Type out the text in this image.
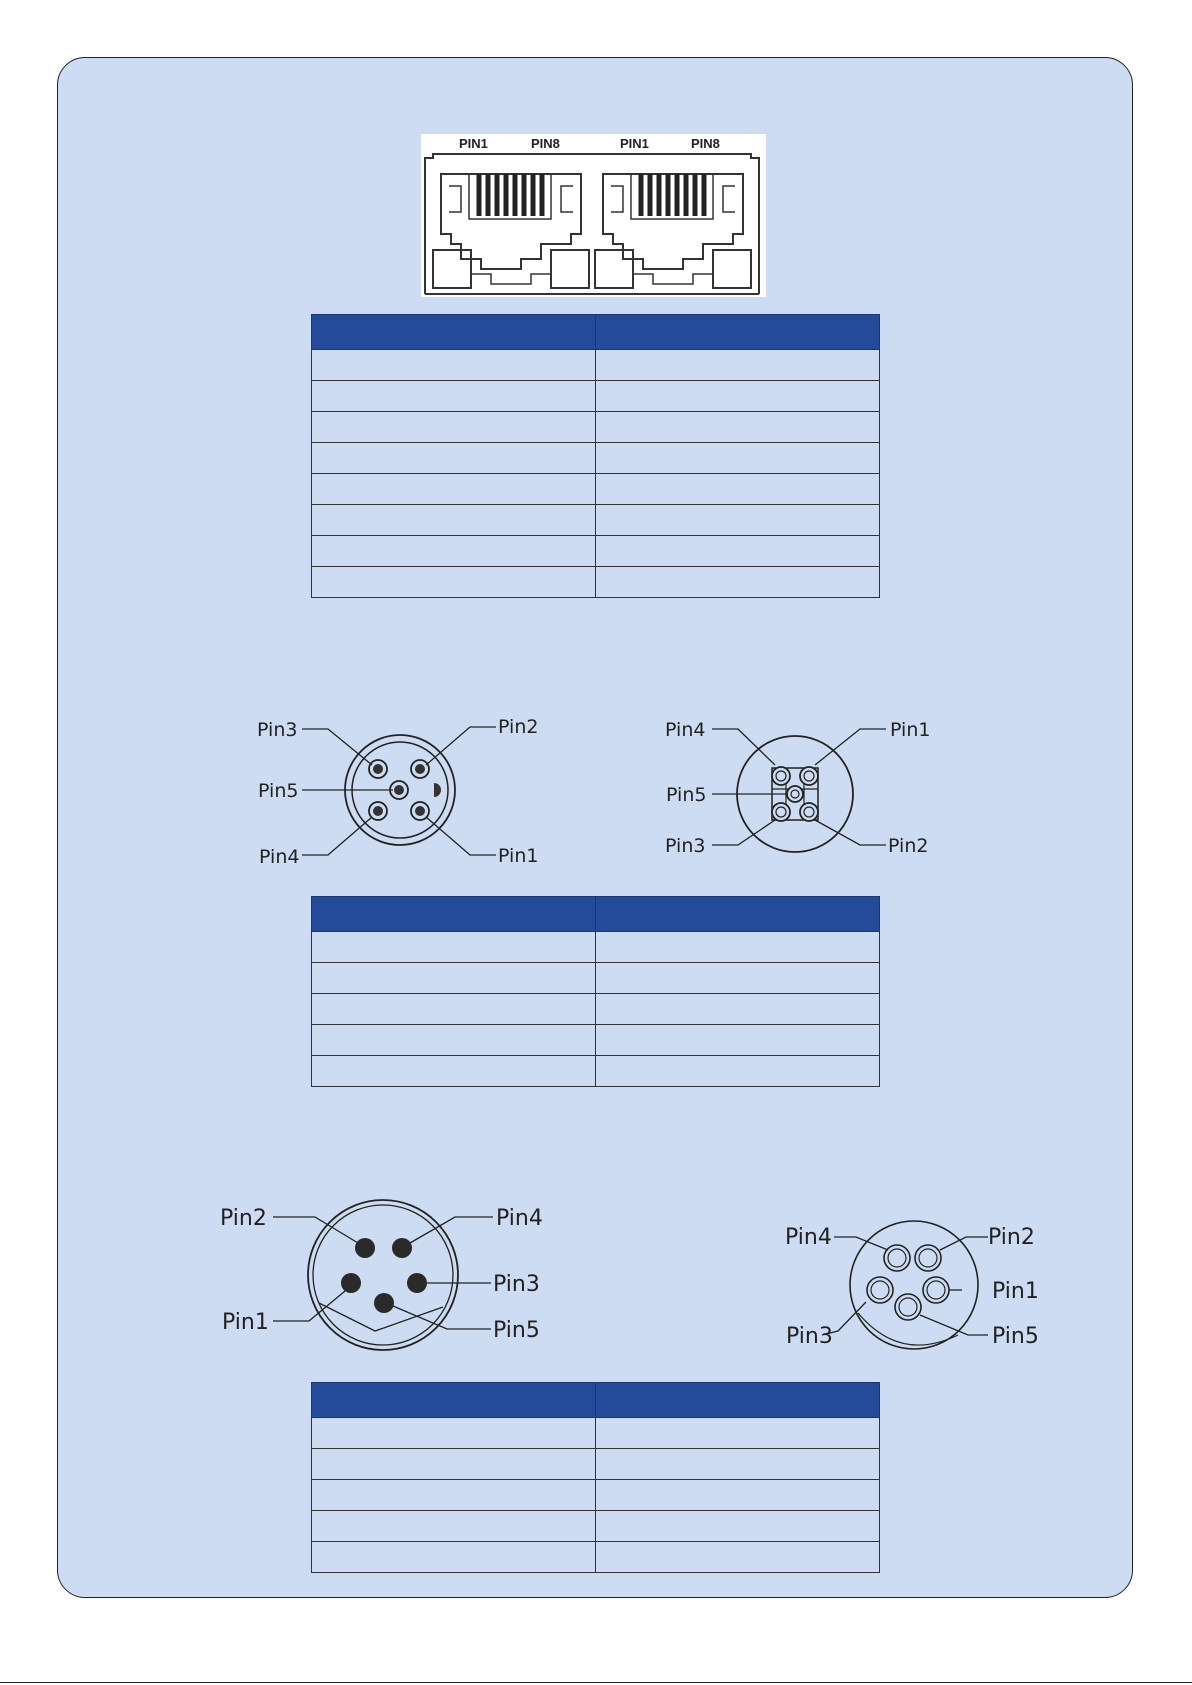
PIN1	PIN8	PIN1	PIN8

Pin3	Pin2
Pin5
Pin4	Pin1
Pin4	Pin1
Pin5
Pin3	Pin2

Pin2	Pin4
Pin3
Pin1	Pin5
Pin4	Pin2
Pin1
Pin3	Pin5
